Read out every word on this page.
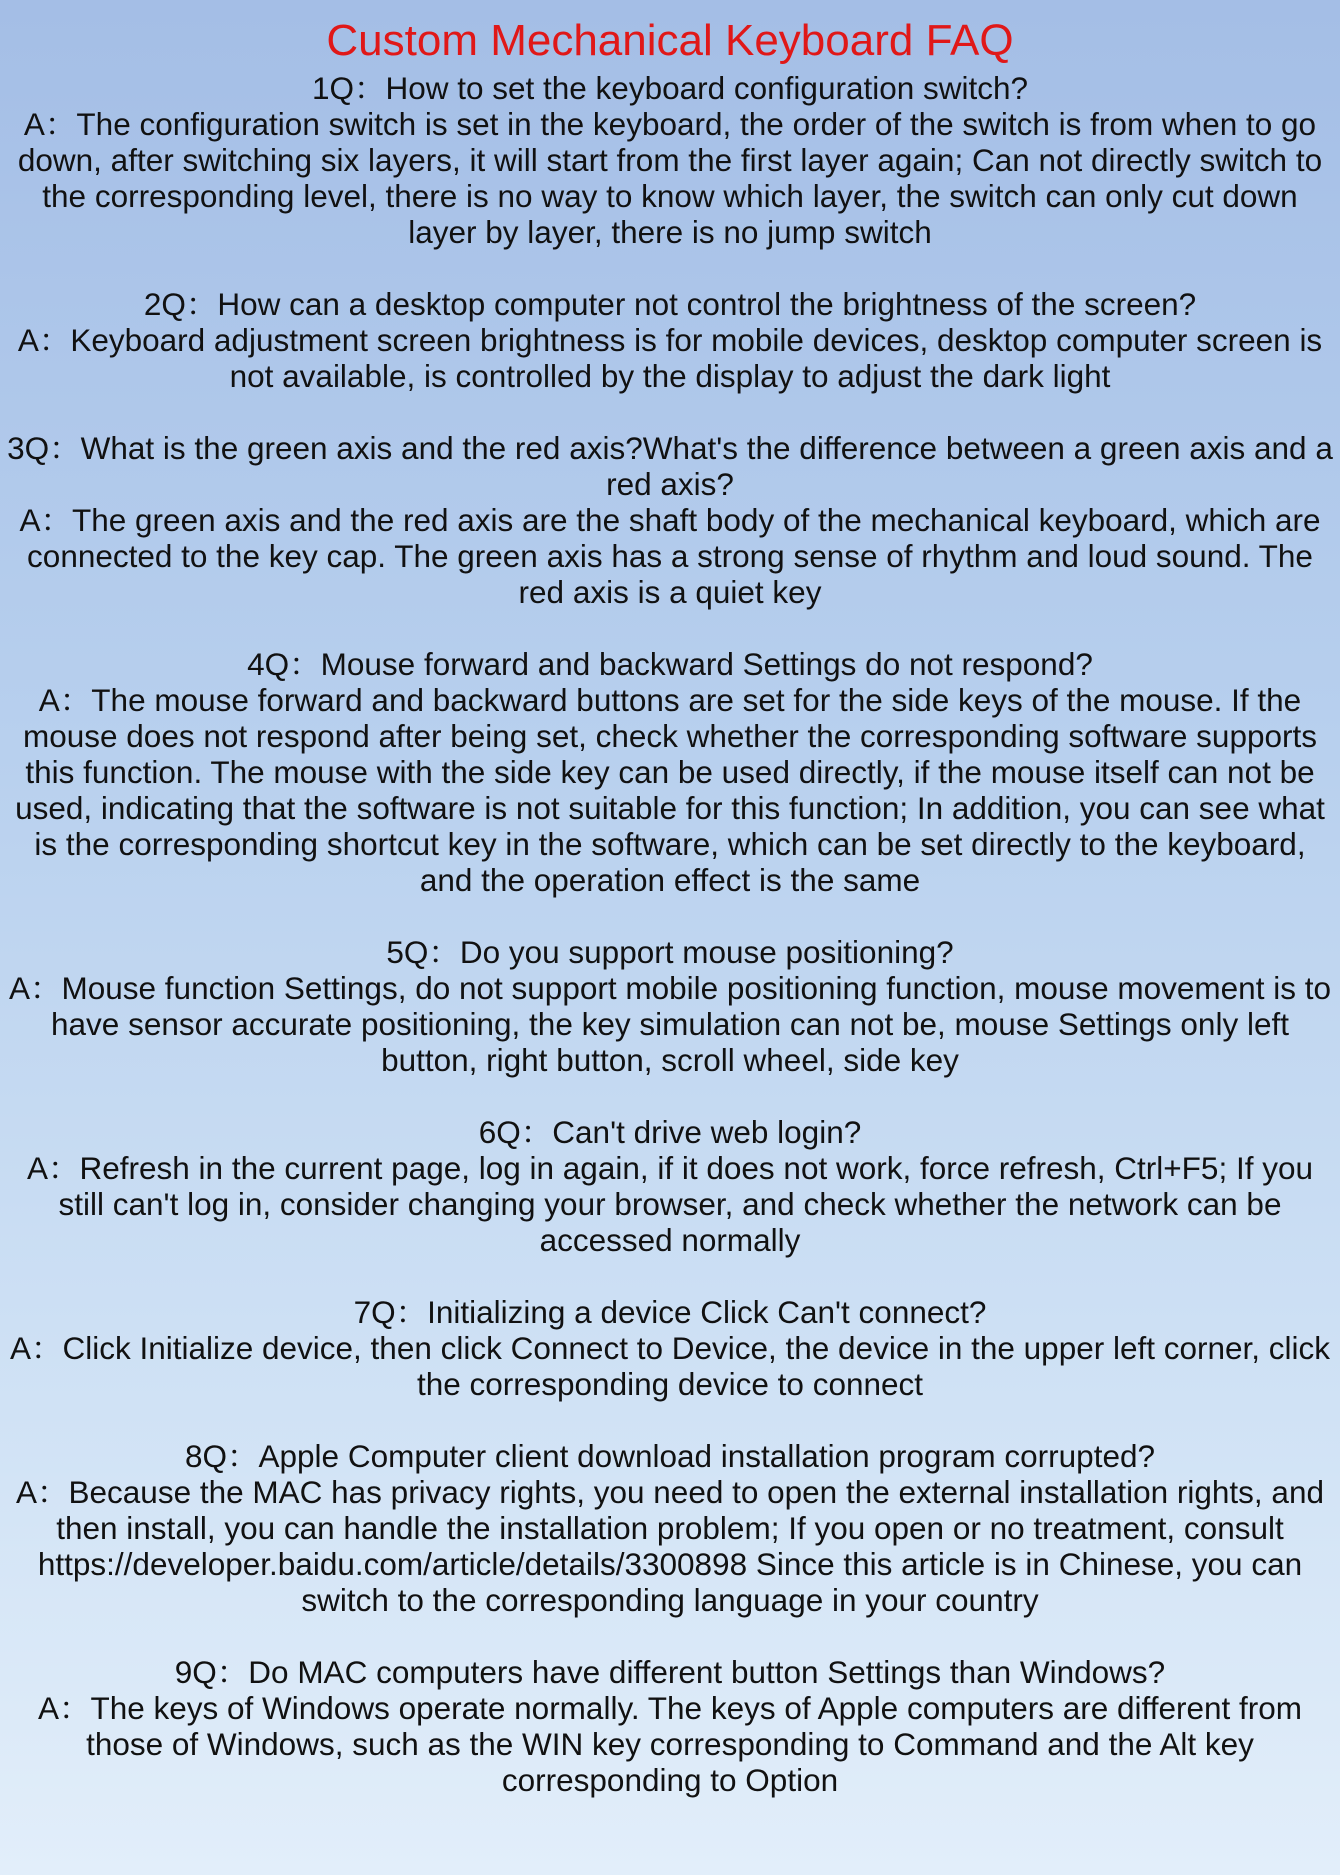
Custom Mechanical Keyboard FAQ

1Q：How to set the keyboard configuration switch?

A：The configuration switch is set in the keyboard, the order of the switch is from when to go down, after switching six layers, it will start from the first layer again; Can not directly switch to the corresponding level, there is no way to know which layer, the switch can only cut down layer by layer, there is no jump switch

2Q：How can a desktop computer not control the brightness of the screen?

A：Keyboard adjustment screen brightness is for mobile devices, desktop computer screen is not available, is controlled by the display to adjust the dark light

3Q：What is the green axis and the red axis?What's the difference between a green axis and a red axis?

A：The green axis and the red axis are the shaft body of the mechanical keyboard, which are connected to the key cap. The green axis has a strong sense of rhythm and loud sound. The red axis is a quiet key

4Q：Mouse forward and backward Settings do not respond?

A：The mouse forward and backward buttons are set for the side keys of the mouse. If the mouse does not respond after being set, check whether the corresponding software supports this function. The mouse with the side key can be used directly, if the mouse itself can not be used, indicating that the software is not suitable for this function; In addition, you can see what is the corresponding shortcut key in the software, which can be set directly to the keyboard, and the operation effect is the same

5Q：Do you support mouse positioning?

A：Mouse function Settings, do not support mobile positioning function, mouse movement is to have sensor accurate positioning, the key simulation can not be, mouse Settings only left button, right button, scroll wheel, side key

6Q：Can't drive web login?

A：Refresh in the current page, log in again, if it does not work, force refresh, Ctrl+F5; If you still can't log in, consider changing your browser, and check whether the network can be accessed normally

7Q：Initializing a device Click Can't connect?

A：Click Initialize device, then click Connect to Device, the device in the upper left corner, click the corresponding device to connect

8Q：Apple Computer client download installation program corrupted?

A：Because the MAC has privacy rights, you need to open the external installation rights, and then install, you can handle the installation problem; If you open or no treatment, consult https://developer.baidu.com/article/details/3300898 Since this article is in Chinese, you can switch to the corresponding language in your country

9Q：Do MAC computers have different button Settings than Windows?

A：The keys of Windows operate normally. The keys of Apple computers are different from those of Windows, such as the WIN key corresponding to Command and the Alt key corresponding to Option
